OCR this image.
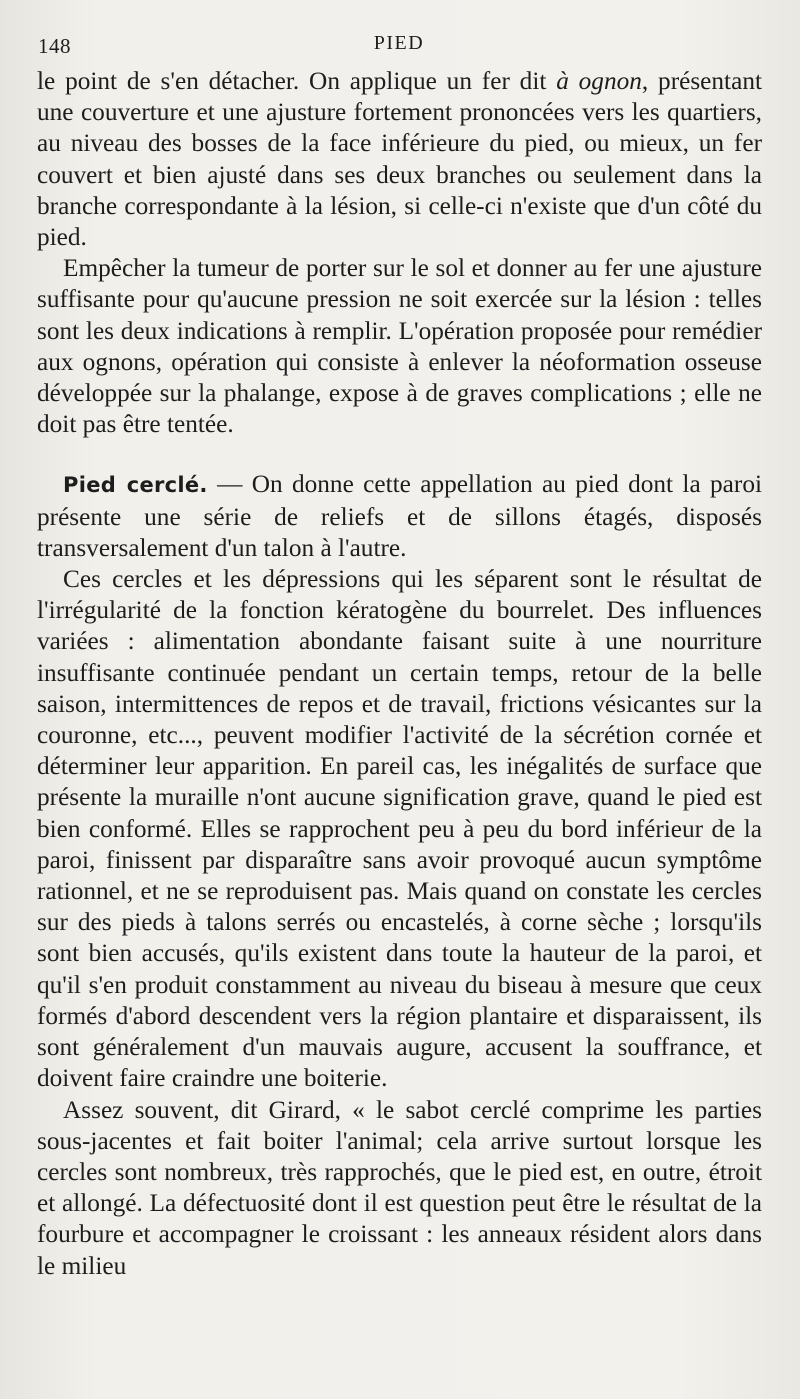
148	PIED

le point de s'en détacher. On applique un fer dit à ognon, présentant une couverture et une ajusture fortement prononcées vers les quartiers, au niveau des bosses de la face inférieure du pied, ou mieux, un fer couvert et bien ajusté dans ses deux branches ou seulement dans la branche correspondante à la lésion, si celle-ci n'existe que d'un côté du pied.

Empêcher la tumeur de porter sur le sol et donner au fer une ajusture suffisante pour qu'aucune pression ne soit exercée sur la lésion : telles sont les deux indications à remplir. L'opération proposée pour remédier aux ognons, opération qui consiste à enlever la néoformation osseuse développée sur la phalange, expose à de graves complications ; elle ne doit pas être tentée.

Pied cerclé. — On donne cette appellation au pied dont la paroi présente une série de reliefs et de sillons étagés, disposés transversalement d'un talon à l'autre.

Ces cercles et les dépressions qui les séparent sont le résultat de l'irrégularité de la fonction kératogène du bourrelet. Des influences variées : alimentation abondante faisant suite à une nourriture insuffisante continuée pendant un certain temps, retour de la belle saison, intermittences de repos et de travail, frictions vésicantes sur la couronne, etc..., peuvent modifier l'activité de la sécrétion cornée et déterminer leur apparition. En pareil cas, les inégalités de surface que présente la muraille n'ont aucune signification grave, quand le pied est bien conformé. Elles se rapprochent peu à peu du bord inférieur de la paroi, finissent par disparaître sans avoir provoqué aucun symptôme rationnel, et ne se reproduisent pas. Mais quand on constate les cercles sur des pieds à talons serrés ou encastelés, à corne sèche ; lorsqu'ils sont bien accusés, qu'ils existent dans toute la hauteur de la paroi, et qu'il s'en produit constamment au niveau du biseau à mesure que ceux formés d'abord descendent vers la région plantaire et disparaissent, ils sont généralement d'un mauvais augure, accusent la souffrance, et doivent faire craindre une boiterie.

Assez souvent, dit Girard, « le sabot cerclé comprime les parties sous-jacentes et fait boiter l'animal; cela arrive surtout lorsque les cercles sont nombreux, très rapprochés, que le pied est, en outre, étroit et allongé. La défectuosité dont il est question peut être le résultat de la fourbure et accompagner le croissant : les anneaux résident alors dans le milieu
